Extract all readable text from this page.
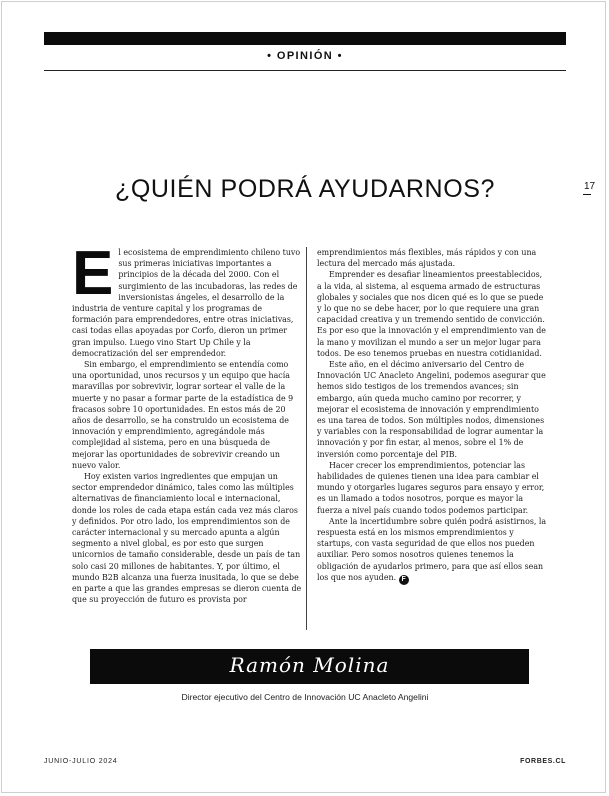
• OPINIÓN •
¿QUIÉN PODRÁ AYUDARNOS?	17

El ecosistema de emprendimiento chileno tuvo sus primeras iniciativas importantes a principios de la década del 2000. Con el surgimiento de las incubadoras, las redes de inversionistas ángeles, el desarrollo de la industria de venture capital y los programas de formación para emprendedores, entre otras iniciativas, casi todas ellas apoyadas por Corfo, dieron un primer gran impulso. Luego vino Start Up Chile y la democratización del ser emprendedor.

Sin embargo, el emprendimiento se entendía como una oportunidad, unos recursos y un equipo que hacía maravillas por sobrevivir, lograr sortear el valle de la muerte y no pasar a formar parte de la estadística de 9 fracasos sobre 10 oportunidades. En estos más de 20 años de desarrollo, se ha construido un ecosistema de innovación y emprendimiento, agregándole más complejidad al sistema, pero en una búsqueda de mejorar las oportunidades de sobrevivir creando un nuevo valor.

Hoy existen varios ingredientes que empujan un sector emprendedor dinámico, tales como las múltiples alternativas de financiamiento local e internacional, donde los roles de cada etapa están cada vez más claros y definidos. Por otro lado, los emprendimientos son de carácter internacional y su mercado apunta a algún segmento a nivel global, es por esto que surgen unicornios de tamaño considerable, desde un país de tan solo casi 20 millones de habitantes. Y, por último, el mundo B2B alcanza una fuerza inusitada, lo que se debe en parte a que las grandes empresas se dieron cuenta de que su proyección de futuro es provista por

emprendimientos más flexibles, más rápidos y con una lectura del mercado más ajustada.

Emprender es desafiar lineamientos preestablecidos, a la vida, al sistema, al esquema armado de estructuras globales y sociales que nos dicen qué es lo que se puede y lo que no se debe hacer, por lo que requiere una gran capacidad creativa y un tremendo sentido de convicción. Es por eso que la innovación y el emprendimiento van de la mano y movilizan el mundo a ser un mejor lugar para todos. De eso tenemos pruebas en nuestra cotidianidad.

Este año, en el décimo aniversario del Centro de Innovación UC Anacleto Angelini, podemos asegurar que hemos sido testigos de los tremendos avances; sin embargo, aún queda mucho camino por recorrer, y mejorar el ecosistema de innovación y emprendimiento es una tarea de todos. Son múltiples nodos, dimensiones y variables con la responsabilidad de lograr aumentar la innovación y por fin estar, al menos, sobre el 1% de inversión como porcentaje del PIB.

Hacer crecer los emprendimientos, potenciar las habilidades de quienes tienen una idea para cambiar el mundo y otorgarles lugares seguros para ensayo y error, es un llamado a todos nosotros, porque es mayor la fuerza a nivel país cuando todos podemos participar.

Ante la incertidumbre sobre quién podrá asistirnos, la respuesta está en los mismos emprendimientos y startups, con vasta seguridad de que ellos nos pueden auxiliar. Pero somos nosotros quienes tenemos la obligación de ayudarlos primero, para que así ellos sean los que nos ayuden. F

Ramón Molina
Director ejecutivo del Centro de Innovación UC Anacleto Angelini
JUNIO-JULIO 2024	FORBES.CL
